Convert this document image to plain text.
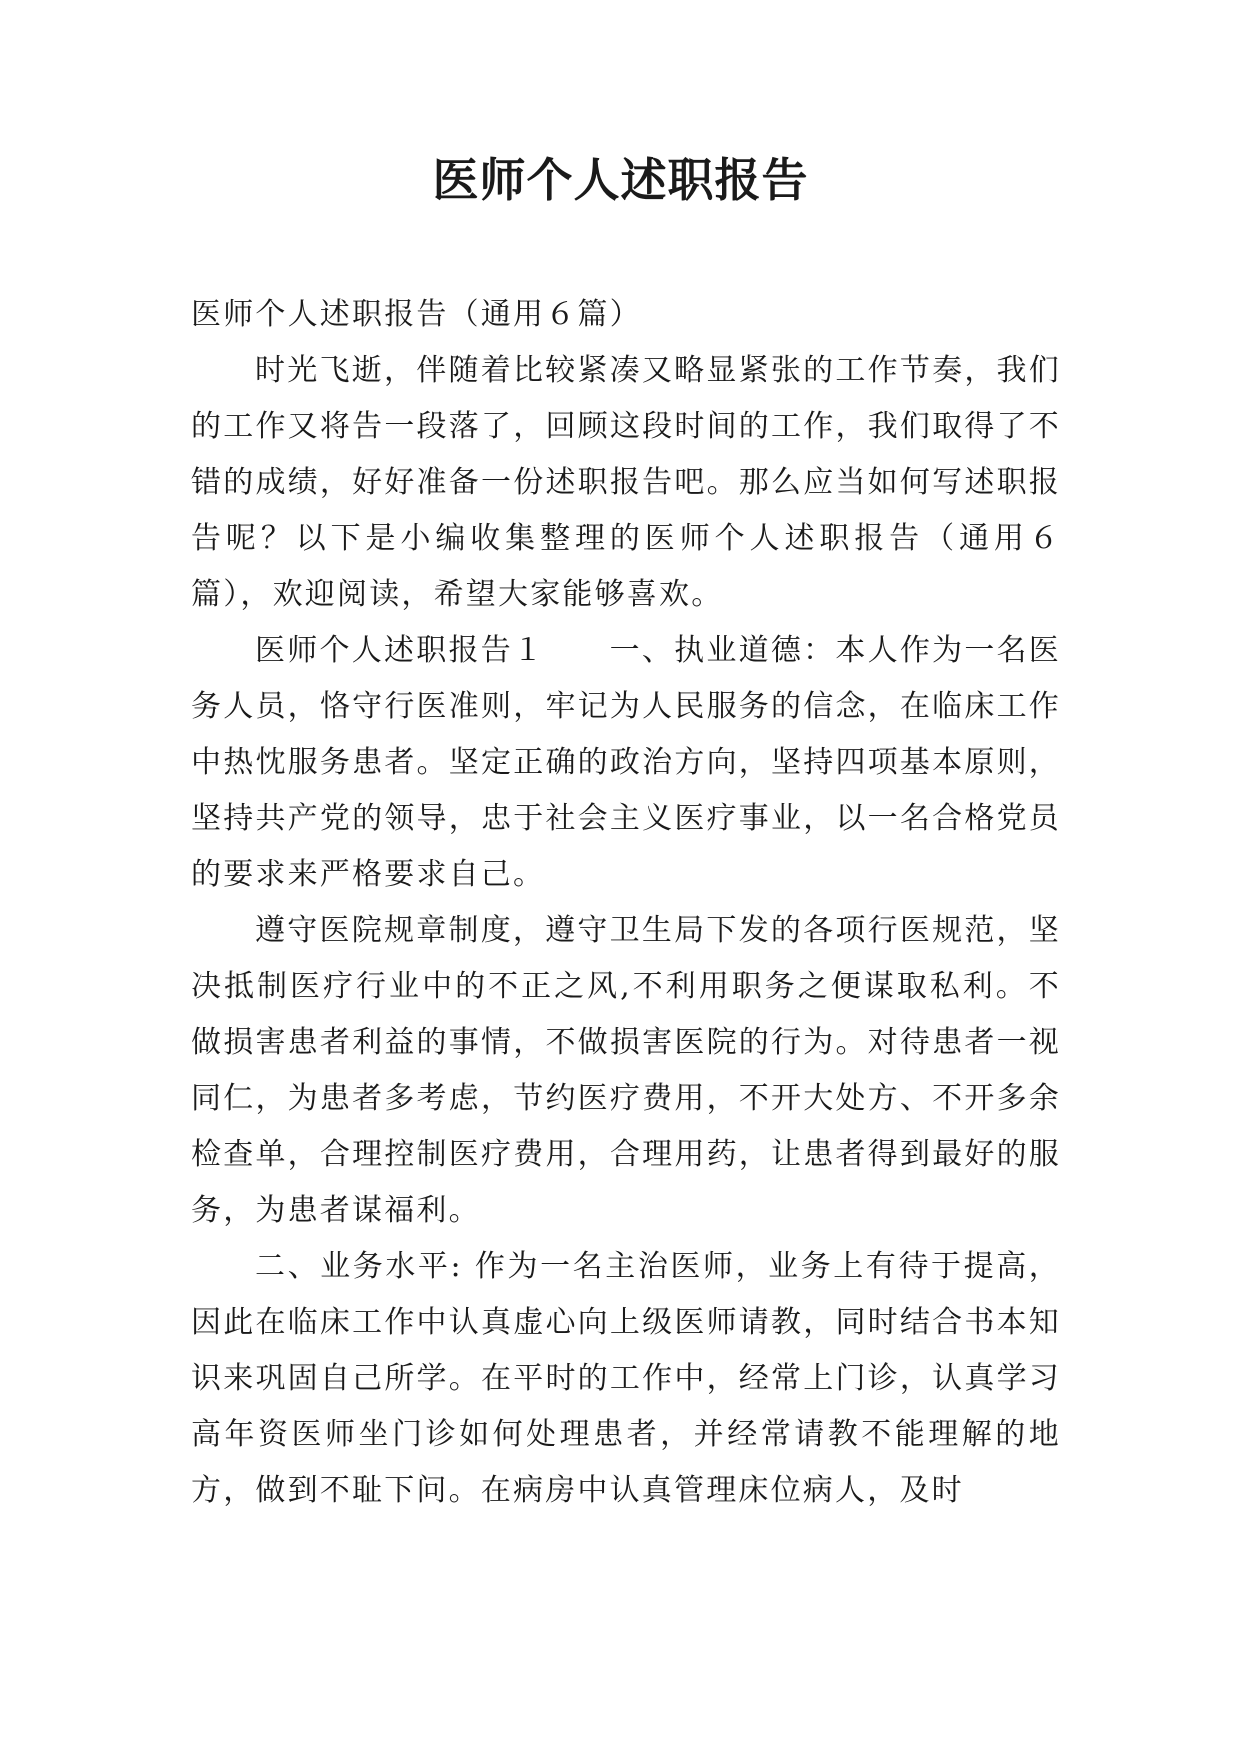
医师个人述职报告

医师个人述职报告（通用６篇）

时光飞逝，伴随着比较紧凑又略显紧张的工作节奏，我们的工作又将告一段落了，回顾这段时间的工作，我们取得了不错的成绩，好好准备一份述职报告吧。那么应当如何写述职报告呢？以下是小编收集整理的医师个人述职报告（通用６篇），欢迎阅读，希望大家能够喜欢。

医师个人述职报告１　　一、执业道德：本人作为一名医务人员，恪守行医准则，牢记为人民服务的信念，在临床工作中热忱服务患者。坚定正确的政治方向，坚持四项基本原则，坚持共产党的领导，忠于社会主义医疗事业，以一名合格党员的要求来严格要求自己。

遵守医院规章制度，遵守卫生局下发的各项行医规范，坚决抵制医疗行业中的不正之风,不利用职务之便谋取私利。不做损害患者利益的事情，不做损害医院的行为。对待患者一视同仁，为患者多考虑，节约医疗费用，不开大处方、不开多余检查单，合理控制医疗费用，合理用药，让患者得到最好的服务，为患者谋福利。

二、业务水平: 作为一名主治医师，业务上有待于提高，因此在临床工作中认真虚心向上级医师请教，同时结合书本知识来巩固自己所学。在平时的工作中，经常上门诊，认真学习高年资医师坐门诊如何处理患者，并经常请教不能理解的地方，做到不耻下问。在病房中认真管理床位病人，及时
